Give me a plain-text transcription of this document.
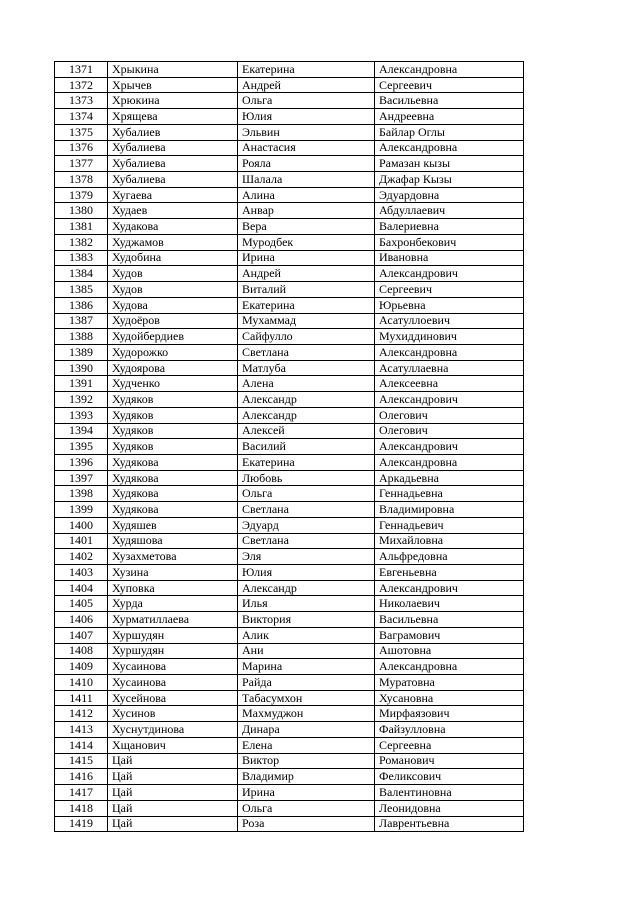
1371	Хрыкина	Екатерина	Александровна
1372	Хрычев	Андрей	Сергеевич
1373	Хрюкина	Ольга	Васильевна
1374	Хрящева	Юлия	Андреевна
1375	Хубалиев	Эльвин	Байлар Оглы
1376	Хубалиева	Анастасия	Александровна
1377	Хубалиева	Рояла	Рамазан кызы
1378	Хубалиева	Шалала	Джафар Кызы
1379	Хугаева	Алина	Эдуардовна
1380	Худаев	Анвар	Абдуллаевич
1381	Худакова	Вера	Валериевна
1382	Худжамов	Муродбек	Бахронбекович
1383	Худобина	Ирина	Ивановна
1384	Худов	Андрей	Александрович
1385	Худов	Виталий	Сергеевич
1386	Худова	Екатерина	Юрьевна
1387	Худоёров	Мухаммад	Асатуллоевич
1388	Худойбердиев	Сайфулло	Мухиддинович
1389	Худорожко	Светлана	Александровна
1390	Худоярова	Матлуба	Асатуллаевна
1391	Худченко	Алена	Алексеевна
1392	Худяков	Александр	Александрович
1393	Худяков	Александр	Олегович
1394	Худяков	Алексей	Олегович
1395	Худяков	Василий	Александрович
1396	Худякова	Екатерина	Александровна
1397	Худякова	Любовь	Аркадьевна
1398	Худякова	Ольга	Геннадьевна
1399	Худякова	Светлана	Владимировна
1400	Худяшев	Эдуард	Геннадьевич
1401	Худяшова	Светлана	Михайловна
1402	Хузахметова	Эля	Альфредовна
1403	Хузина	Юлия	Евгеньевна
1404	Хуповка	Александр	Александрович
1405	Хурда	Илья	Николаевич
1406	Хурматиллаева	Виктория	Васильевна
1407	Хуршудян	Алик	Ваграмович
1408	Хуршудян	Ани	Ашотовна
1409	Хусаинова	Марина	Александровна
1410	Хусаинова	Райда	Муратовна
1411	Хусейнова	Табасумхон	Хусановна
1412	Хусинов	Махмуджон	Мирфаязович
1413	Хуснутдинова	Динара	Файзулловна
1414	Хщанович	Елена	Сергеевна
1415	Цай	Виктор	Романович
1416	Цай	Владимир	Феликсович
1417	Цай	Ирина	Валентиновна
1418	Цай	Ольга	Леонидовна
1419	Цай	Роза	Лаврентьевна
